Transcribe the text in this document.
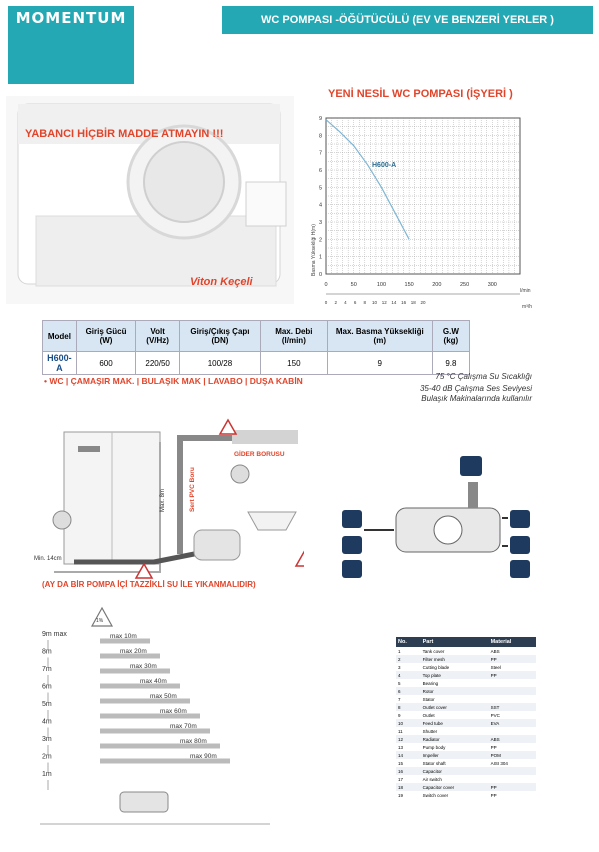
MOMENTUM	WC POMPASI -ÖĞÜTÜCÜLÜ (EV VE BENZERİ YERLER )
YABANCI HİÇBİR MADDE ATMAYIN !!!
Viton Keçeli
YENİ NESİL WC POMPASI (İŞYERİ )
0
1
2
3
4
5
6
7
8
9
0	50	100	150	200	250	300
0 2 4 6 8 10 12 14 16 18 20
H600-A
Basma Yüksekliği H(m)
l/min
m³/h
Model	Giriş Gücü (W)	Volt (V/Hz)	Giriş/Çıkış Çapı (DN)	Max. Debi (l/min)	Max. Basma Yüksekliği (m)	G.W (kg)
H600-A	600	220/50	100/28	150	9	9.8
• WC | ÇAMAŞIR MAK. | BULAŞIK MAK | LAVABO | DUŞA KABİN	75 °C Çalışma Su Sıcaklığı
35-40 dB Çalışma Ses Seviyesi
Bulaşık Makinalarında kullanılır
GİDER BORUSU
Sert PVC Boru
Max. 8m
Min. 14cm
(AY DA BİR POMPA İÇİ TAZZİKLİ SU İLE YIKANMALIDIR)
1%
9m max
8m
7m
6m
5m
4m
3m
2m
1m
max 10m
max 20m
max 30m
max 40m
max 50m
max 60m
max 70m
max 80m
max 90m
No.	Part	Material
1	Tank cover	ABS
2	Filter mesh	PP
3	Cutting blade	Steel
4	Top plate	PP
5	Bearing	
6	Rotor	
7	Stator	
8	Outlet cover	SST
9	Outlet	PVC
10	Feed tube	EVA
11	Shutter	
12	Radiator	ABS
13	Pump body	PP
14	Impeller	POM
15	Stator shaft	AISI 304
16	Capacitor	
17	Air switch	
18	Capacitor cover	PP
19	Switch cover	PP
